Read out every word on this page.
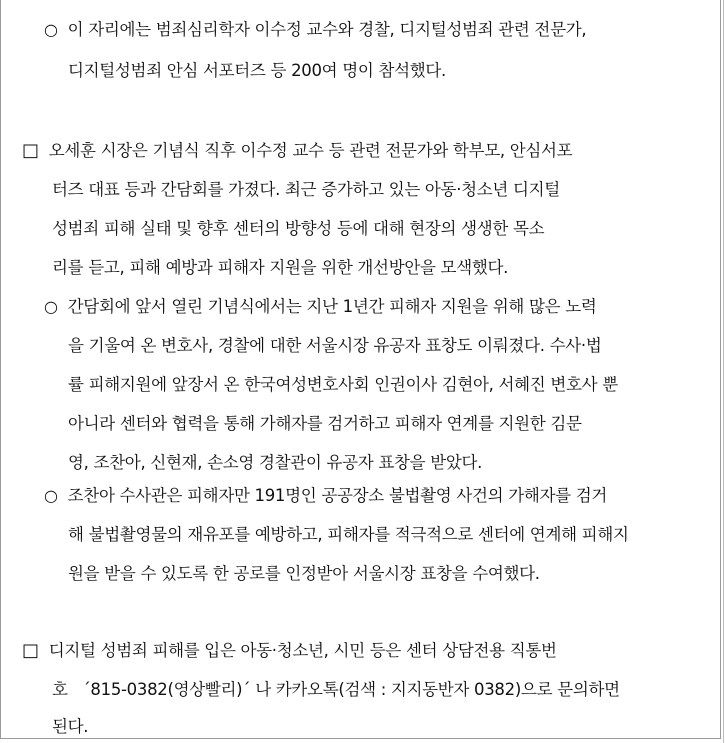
○ 이 자리에는 범죄심리학자 이수정 교수와 경찰, 디지털성범죄 관련 전문가,
디지털성범죄 안심 서포터즈 등 200여 명이 참석했다.
□ 오세훈 시장은 기념식 직후 이수정 교수 등 관련 전문가와 학부모, 안심서포
터즈 대표 등과 간담회를 가졌다. 최근 증가하고 있는 아동·청소년 디지털
성범죄 피해 실태 및 향후 센터의 방향성 등에 대해 현장의 생생한 목소
리를 듣고, 피해 예방과 피해자 지원을 위한 개선방안을 모색했다.
○ 간담회에 앞서 열린 기념식에서는 지난 1년간 피해자 지원을 위해 많은 노력
을 기울여 온 변호사, 경찰에 대한 서울시장 유공자 표창도 이뤄졌다. 수사·법
률 피해지원에 앞장서 온 한국여성변호사회 인권이사 김현아, 서혜진 변호사 뿐
아니라 센터와 협력을 통해 가해자를 검거하고 피해자 연계를 지원한 김문
영, 조찬아, 신현재, 손소영 경찰관이 유공자 표창을 받았다.
○ 조찬아 수사관은 피해자만 191명인 공공장소 불법촬영 사건의 가해자를 검거
해 불법촬영물의 재유포를 예방하고, 피해자를 적극적으로 센터에 연계해 피해지
원을 받을 수 있도록 한 공로를 인정받아 서울시장 표창을 수여했다.
□ 디지털 성범죄 피해를 입은 아동·청소년, 시민 등은 센터 상담전용 직통번
호   ´815-0382(영상빨리)´ 나 카카오톡(검색 : 지지동반자 0382)으로 문의하면
된다.
